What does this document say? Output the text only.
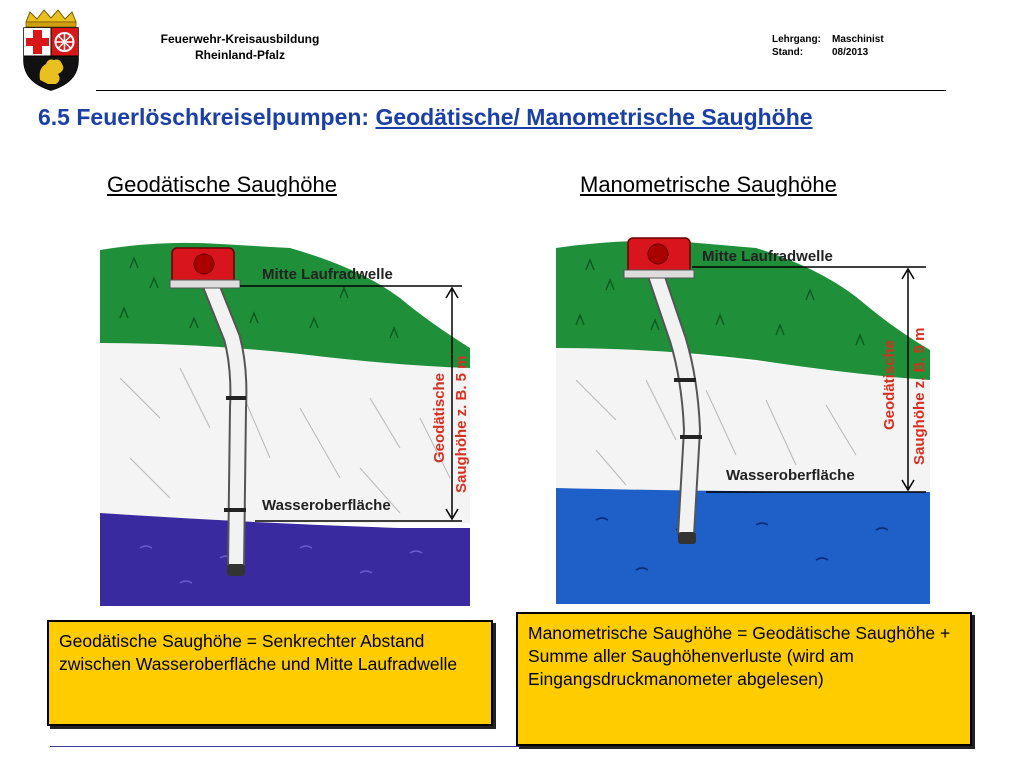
Feuerwehr-Kreisausbildung
Rheinland-Pfalz
Lehrgang:	Maschinist
Stand:	08/2013
6.5 Feuerlöschkreiselpumpen: Geodätische/ Manometrische Saughöhe
Geodätische Saughöhe	Manometrische Saughöhe
Mitte Laufradwelle
Wasseroberfläche
Geodätische Saughöhe z. B. 5 m
Mitte Laufradwelle
Wasseroberfläche
Geodätische Saughöhe z. B. 5 m
Geodätische Saughöhe = Senkrechter Abstand zwischen Wasseroberfläche und Mitte Laufradwelle
Manometrische Saughöhe = Geodätische Saughöhe + Summe aller Saughöhenverluste (wird am Eingangsdruckmanometer abgelesen)
